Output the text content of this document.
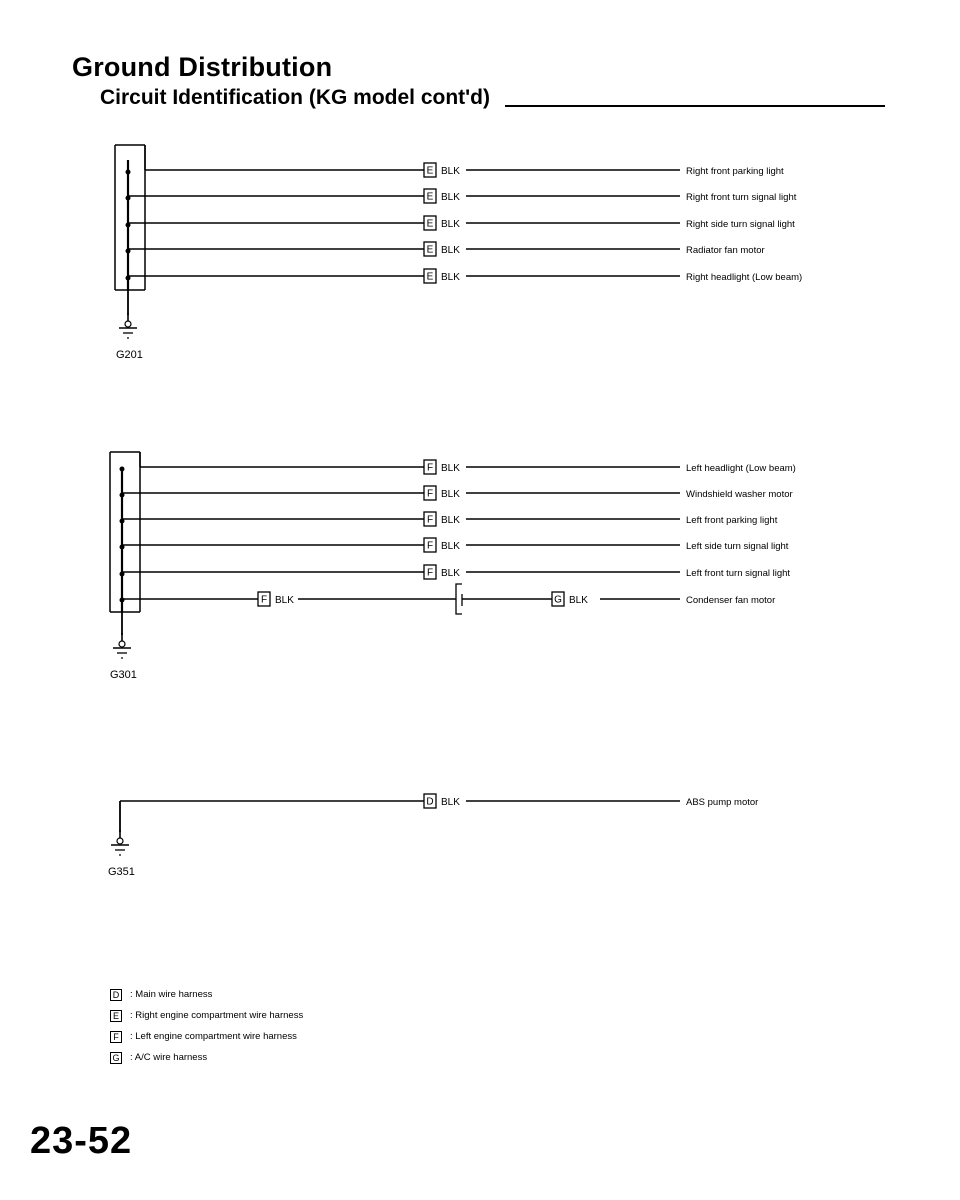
Ground Distribution
Circuit Identification (KG model cont'd)
E BLK	Right front parking light
E BLK	Right front turn signal light
E BLK	Right side turn signal light
E BLK	Radiator fan motor
E BLK	Right headlight (Low beam)
G201
F BLK	Left headlight (Low beam)
F BLK	Windshield washer motor
F BLK	Left front parking light
F BLK	Left side turn signal light
F BLK	Left front turn signal light
F BLK	G BLK	Condenser fan motor
G301
D BLK	ABS pump motor
G351
D : Main wire harness
E	: Right engine compartment wire harness
F	: Left engine compartment wire harness
G : A/C wire harness
23-52
